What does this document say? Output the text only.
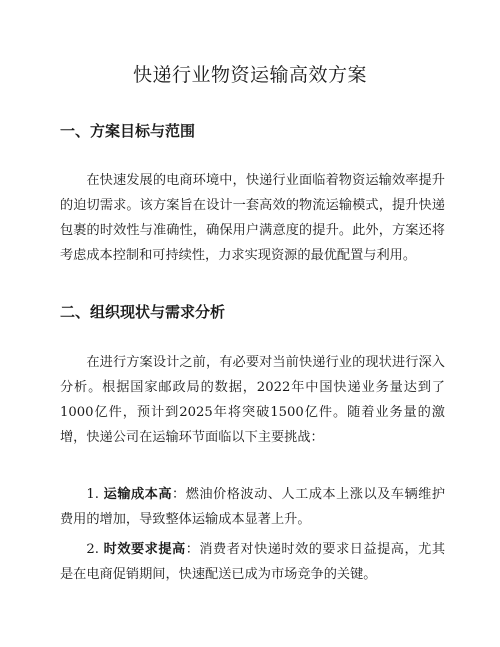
快递行业物资运输高效方案
一、方案目标与范围

在快速发展的电商环境中，快递行业面临着物资运输效率提升的迫切需求。该方案旨在设计一套高效的物流运输模式，提升快递包裹的时效性与准确性，确保用户满意度的提升。此外，方案还将考虑成本控制和可持续性，力求实现资源的最优配置与利用。

二、组织现状与需求分析

在进行方案设计之前，有必要对当前快递行业的现状进行深入分析。根据国家邮政局的数据，2022年中国快递业务量达到了1000亿件，预计到2025年将突破1500亿件。随着业务量的激增，快递公司在运输环节面临以下主要挑战：

1. 运输成本高：燃油价格波动、人工成本上涨以及车辆维护费用的增加，导致整体运输成本显著上升。

2. 时效要求提高：消费者对快递时效的要求日益提高，尤其是在电商促销期间，快速配送已成为市场竞争的关键。
